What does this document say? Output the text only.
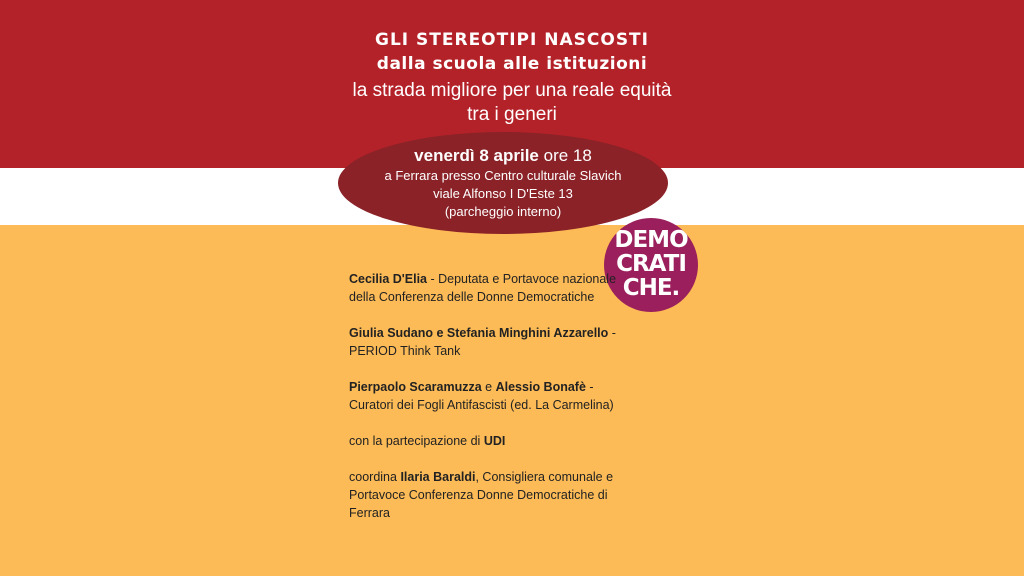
GLI STEREOTIPI NASCOSTI
dalla scuola alle istituzioni
la strada migliore per una reale equità
tra i generi
venerdì 8 aprile ore 18
a Ferrara presso Centro culturale Slavich
viale Alfonso I D'Este 13
(parcheggio interno)
DEMO
CRATI
CHE.

Cecilia D'Elia - Deputata e Portavoce nazionale della Conferenza delle Donne Democratiche

Giulia Sudano e Stefania Minghini Azzarello - PERIOD Think Tank

Pierpaolo Scaramuzza e Alessio Bonafè - Curatori dei Fogli Antifascisti (ed. La Carmelina)

con la partecipazione di UDI

coordina Ilaria Baraldi, Consigliera comunale e Portavoce Conferenza Donne Democratiche di Ferrara
